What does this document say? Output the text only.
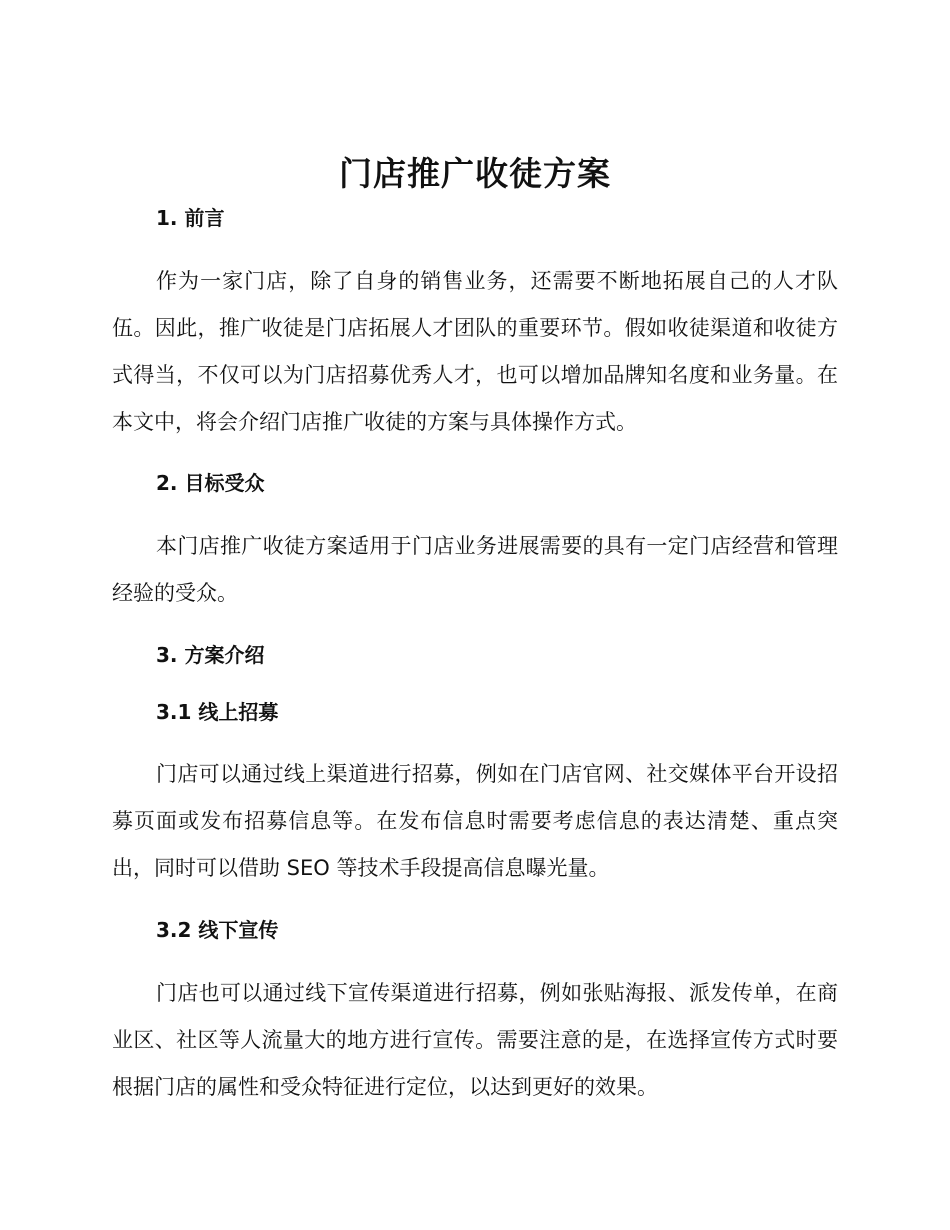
门店推广收徒方案
1. 前言

作为一家门店，除了自身的销售业务，还需要不断地拓展自己的人才队伍。因此，推广收徒是门店拓展人才团队的重要环节。假如收徒渠道和收徒方式得当，不仅可以为门店招募优秀人才，也可以增加品牌知名度和业务量。在本文中，将会介绍门店推广收徒的方案与具体操作方式。

2. 目标受众

本门店推广收徒方案适用于门店业务进展需要的具有一定门店经营和管理经验的受众。

3. 方案介绍
3.1 线上招募

门店可以通过线上渠道进行招募，例如在门店官网、社交媒体平台开设招募页面或发布招募信息等。在发布信息时需要考虑信息的表达清楚、重点突出，同时可以借助 SEO 等技术手段提高信息曝光量。

3.2 线下宣传

门店也可以通过线下宣传渠道进行招募，例如张贴海报、派发传单，在商业区、社区等人流量大的地方进行宣传。需要注意的是，在选择宣传方式时要根据门店的属性和受众特征进行定位，以达到更好的效果。
